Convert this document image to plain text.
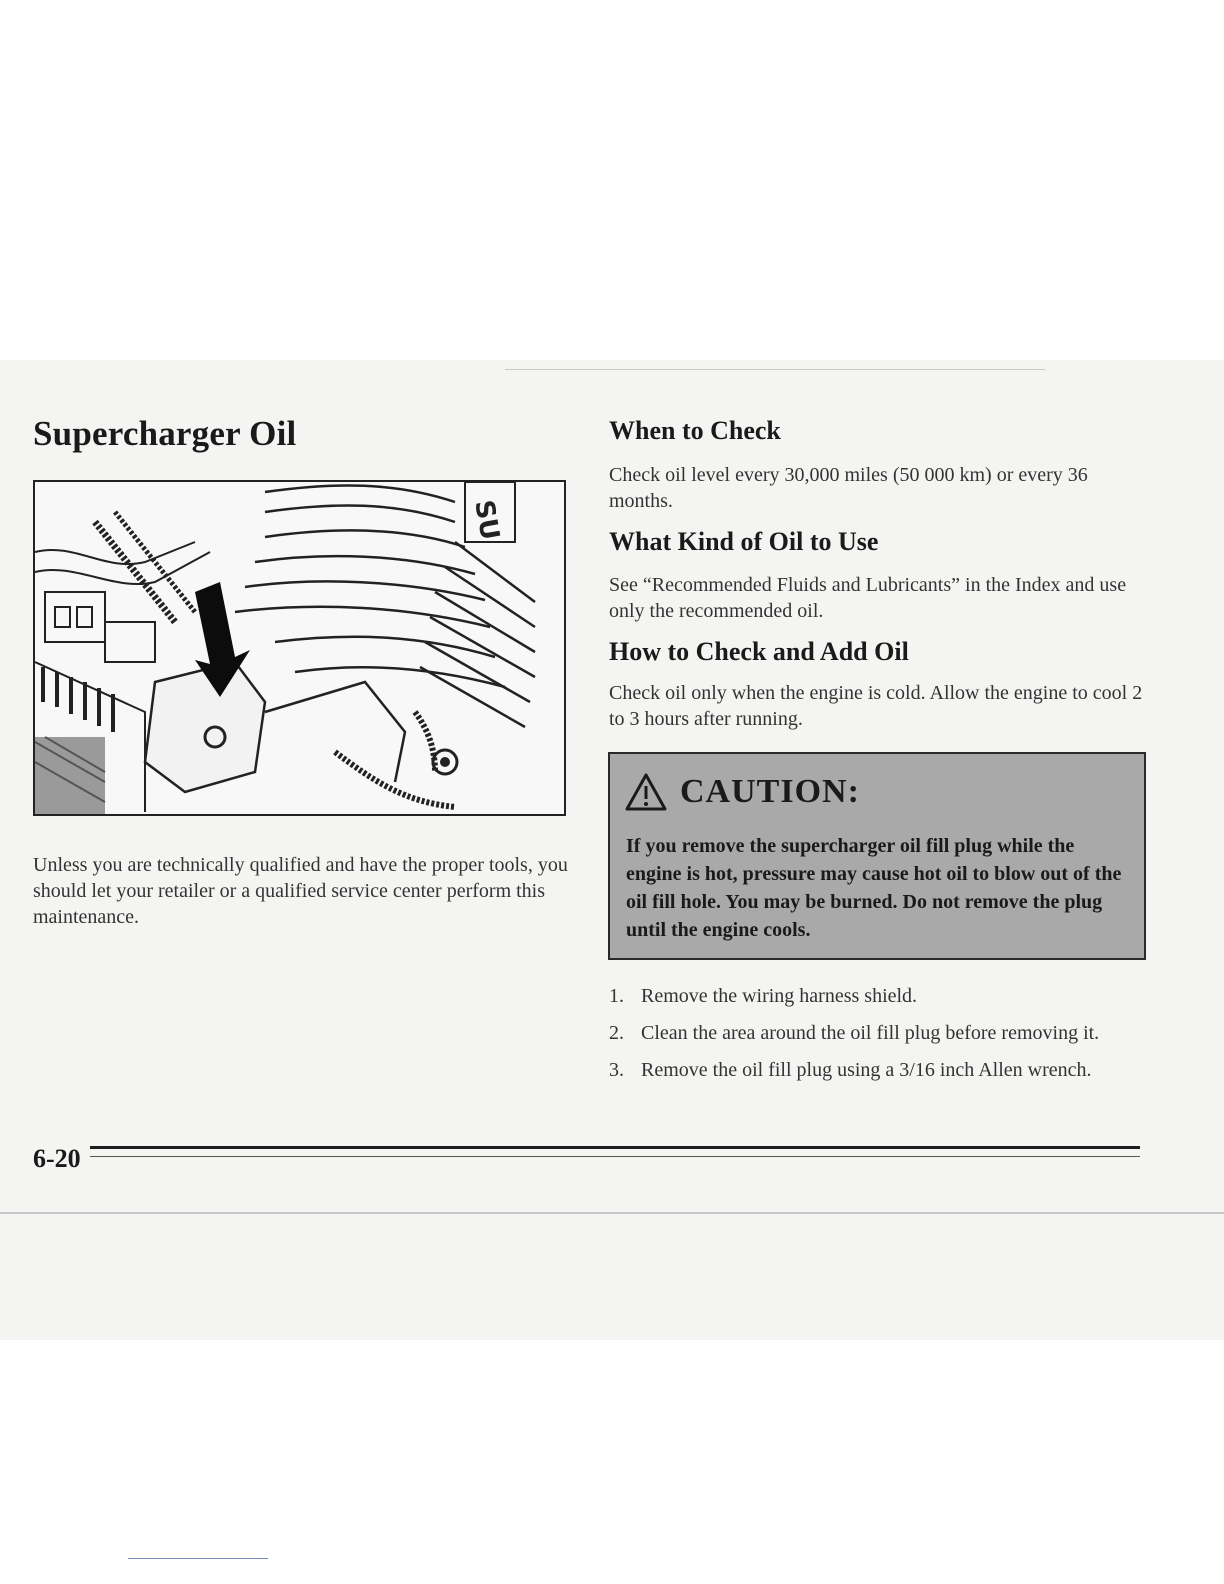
Supercharger Oil
SU

Unless you are technically qualified and have the proper tools, you should let your retailer or a qualified service center perform this maintenance.

When to Check

Check oil level every 30,000 miles (50 000 km) or every 36 months.

What Kind of Oil to Use

See “Recommended Fluids and Lubricants” in the Index and use only the recommended oil.

How to Check and Add Oil

Check oil only when the engine is cold. Allow the engine to cool 2 to 3 hours after running.

CAUTION:

If you remove the supercharger oil fill plug while the engine is hot, pressure may cause hot oil to blow out of the oil fill hole. You may be burned. Do not remove the plug until the engine cools.

1. Remove the wiring harness shield.
2. Clean the area around the oil fill plug before removing it.
3. Remove the oil fill plug using a 3/16 inch Allen wrench.

6-20
